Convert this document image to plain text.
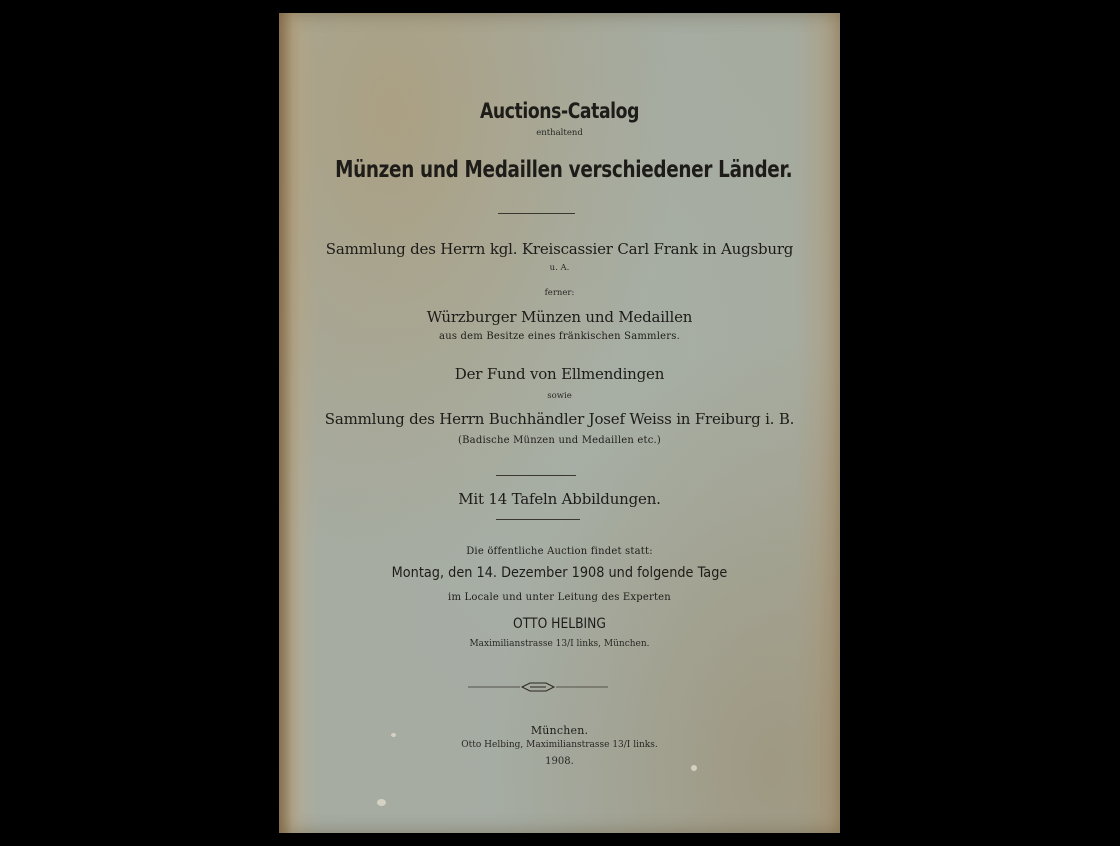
Auctions-Catalog
enthaltend
Münzen und Medaillen verschiedener Länder.
Sammlung des Herrn kgl. Kreiscassier Carl Frank in Augsburg
u. A.
ferner:
Würzburger Münzen und Medaillen
aus dem Besitze eines fränkischen Sammlers.
Der Fund von Ellmendingen
sowie
Sammlung des Herrn Buchhändler Josef Weiss in Freiburg i. B.
(Badische Münzen und Medaillen etc.)
Mit 14 Tafeln Abbildungen.
Die öffentliche Auction findet statt:
Montag, den 14. Dezember 1908 und folgende Tage
im Locale und unter Leitung des Experten
OTTO HELBING
Maximilianstrasse 13/I links, München.
München.
Otto Helbing, Maximilianstrasse 13/I links.
1908.
